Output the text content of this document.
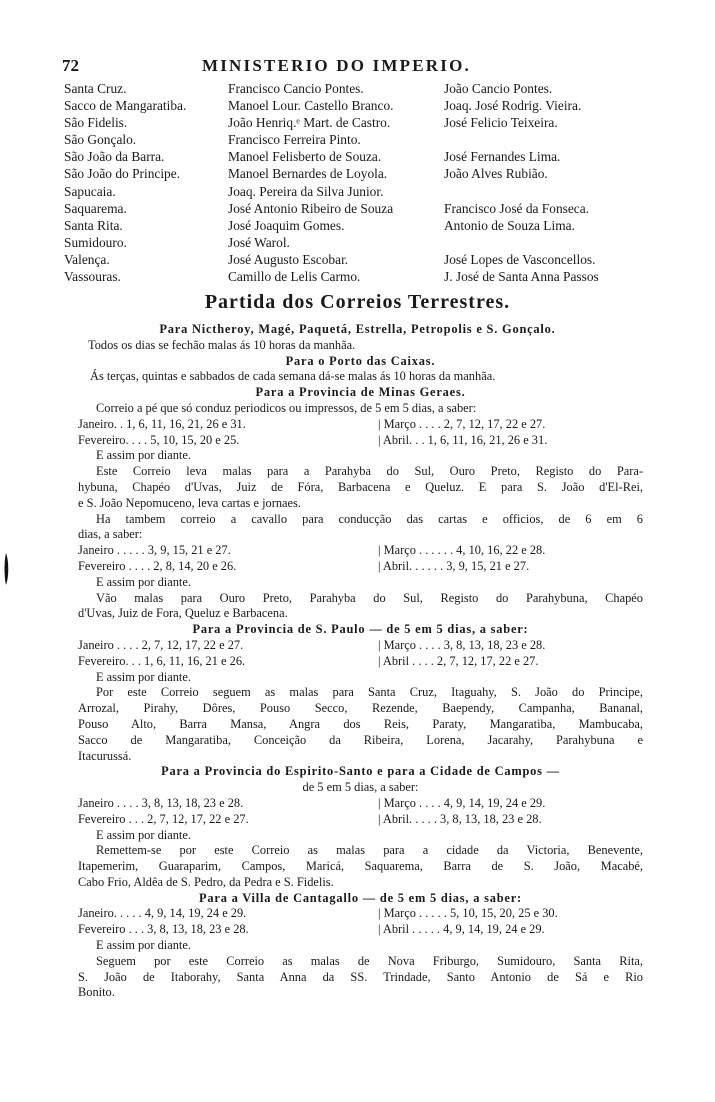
72	MINISTERIO DO IMPERIO.
Santa Cruz.	Francisco Cancio Pontes.	João Cancio Pontes.
Sacco de Mangaratiba.	Manoel Lour. Castello Branco.	Joaq. José Rodrig. Vieira.
São Fidelis.	João Henriq.ᵉ Mart. de Castro.	José Felicio Teixeira.
São Gonçalo.	Francisco Ferreira Pinto.
São João da Barra.	Manoel Felisberto de Souza.	José Fernandes Lima.
São João do Principe.	Manoel Bernardes de Loyola.	João Alves Rubião.
Sapucaia.	Joaq. Pereira da Silva Junior.
Saquarema.	José Antonio Ribeiro de Souza	Francisco José da Fonseca.
Santa Rita.	José Joaquim Gomes.	Antonio de Souza Lima.
Sumidouro.	José Warol.
Valença.	José Augusto Escobar.	José Lopes de Vasconcellos.
Vassouras.	Camillo de Lelis Carmo.	J. José de Santa Anna Passos
Partida dos Correios Terrestres.
Para Nictheroy, Magé, Paquetá, Estrella, Petropolis e S. Gonçalo.
Todos os dias se fechão malas ás 10 horas da manhãa.
Para o Porto das Caixas.
Ás terças, quintas e sabbados de cada semana dá-se malas ás 10 horas da manhãa.
Para a Provincia de Minas Geraes.
Correio a pé que só conduz periodicos ou impressos, de 5 em 5 dias, a saber:
Janeiro. . 1, 6, 11, 16, 21, 26 e 31.	| Março . . . . 2, 7, 12, 17, 22 e 27.
Fevereiro. . . . 5, 10, 15, 20 e 25.	| Abril. . . 1, 6, 11, 16, 21, 26 e 31.
E assim por diante.
Este Correio leva malas para a Parahyba do Sul, Ouro Preto, Registo do Para-
hybuna, Chapéo d'Uvas, Juiz de Fóra, Barbacena e Queluz. E para S. João d'El-Rei,
e S. João Nepomuceno, leva cartas e jornaes.
Ha tambem correio a cavallo para conducção das cartas e officios, de 6 em 6
dias, a saber:
Janeiro . . . . . 3, 9, 15, 21 e 27.	| Março . . . . . . 4, 10, 16, 22 e 28.
Fevereiro . . . . 2, 8, 14, 20 e 26.	| Abril. . . . . . 3, 9, 15, 21 e 27.
E assim por diante.
Vão malas para Ouro Preto, Parahyba do Sul, Registo do Parahybuna, Chapéo
d'Uvas, Juiz de Fora, Queluz e Barbacena.
Para a Provincia de S. Paulo — de 5 em 5 dias, a saber:
Janeiro . . . . 2, 7, 12, 17, 22 e 27.	| Março . . . . 3, 8, 13, 18, 23 e 28.
Fevereiro. . . 1, 6, 11, 16, 21 e 26.	| Abril . . . . 2, 7, 12, 17, 22 e 27.
E assim por diante.
Por este Correio seguem as malas para Santa Cruz, Itaguahy, S. João do Principe,
Arrozal, Pirahy, Dôres, Pouso Secco, Rezende, Baependy, Campanha, Bananal,
Pouso Alto, Barra Mansa, Angra dos Reis, Paraty, Mangaratiba, Mambucaba,
Sacco de Mangaratiba, Conceição da Ribeira, Lorena, Jacarahy, Parahybuna e
Itacurussá.
Para a Provincia do Espirito-Santo e para a Cidade de Campos —
de 5 em 5 dias, a saber:
Janeiro . . . . 3, 8, 13, 18, 23 e 28.	| Março . . . . 4, 9, 14, 19, 24 e 29.
Fevereiro . . . 2, 7, 12, 17, 22 e 27.	| Abril. . . . . 3, 8, 13, 18, 23 e 28.
E assim por diante.
Remettem-se por este Correio as malas para a cidade da Victoria, Benevente,
Itapemerim, Guaraparim, Campos, Maricá, Saquarema, Barra de S. João, Macabé,
Cabo Frio, Aldêa de S. Pedro, da Pedra e S. Fidelis.
Para a Villa de Cantagallo — de 5 em 5 dias, a saber:
Janeiro. . . . . 4, 9, 14, 19, 24 e 29.	| Março . . . . . 5, 10, 15, 20, 25 e 30.
Fevereiro . . . 3, 8, 13, 18, 23 e 28.	| Abril . . . . . 4, 9, 14, 19, 24 e 29.
E assim por diante.
Seguem por este Correio as malas de Nova Friburgo, Sumidouro, Santa Rita,
S. João de Itaborahy, Santa Anna da SS. Trindade, Santo Antonio de Sá e Rio
Bonito.
